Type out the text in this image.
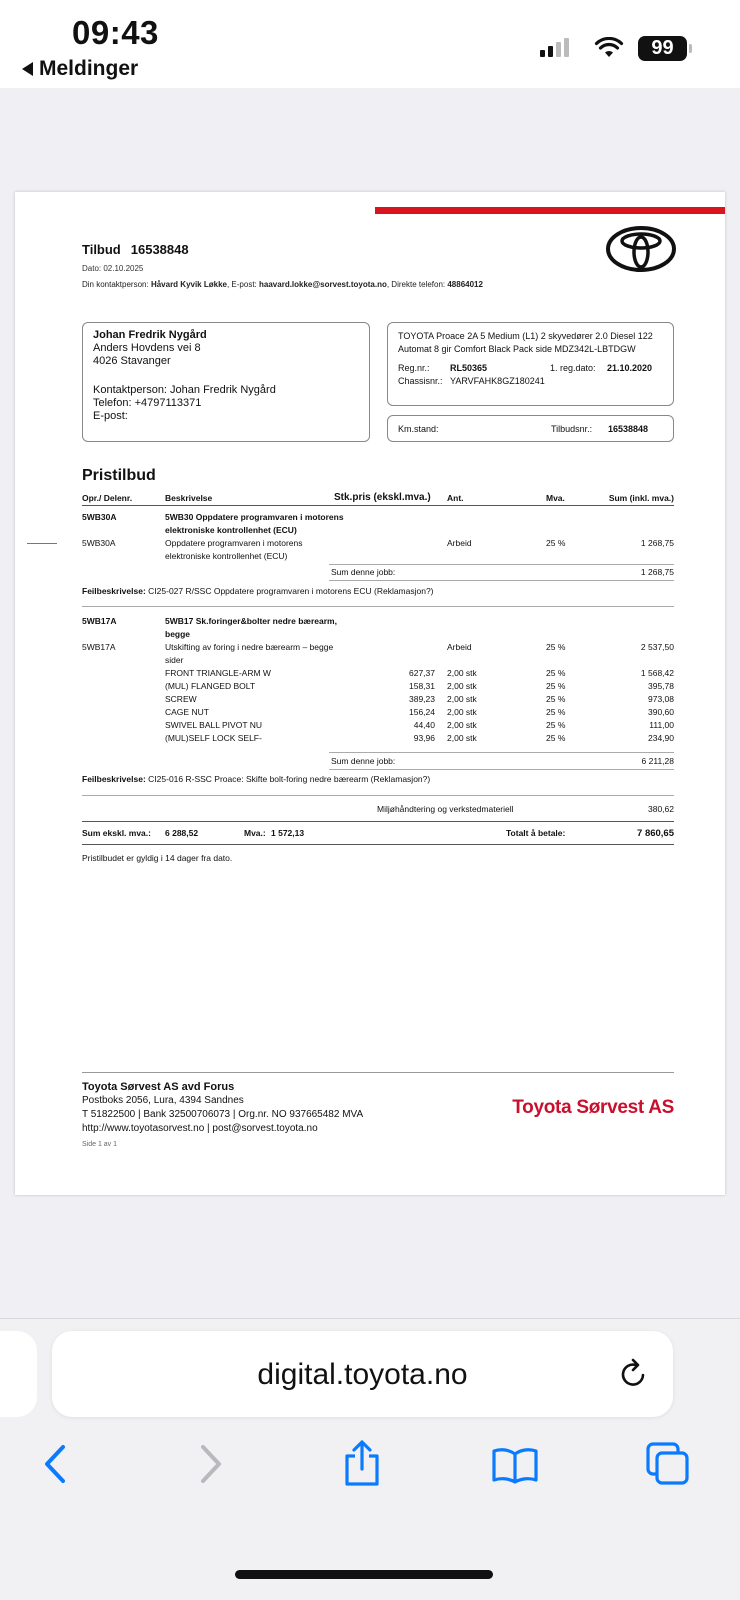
09:43
Meldinger
99
Tilbud 16538848
Dato: 02.10.2025
Din kontaktperson: Håvard Kyvik Løkke, E-post: haavard.lokke@sorvest.toyota.no, Direkte telefon: 48864012
Johan Fredrik Nygård
Anders Hovdens vei 8
4026 Stavanger
Kontaktperson: Johan Fredrik Nygård
Telefon: +4797113371
E-post:
TOYOTA Proace 2A 5 Medium (L1) 2 skyvedører 2.0 Diesel 122 Automat 8 gir Comfort Black Pack side MDZ342L-LBTDGW
Reg.nr.:	RL50365	1. reg.dato:	21.10.2020
Chassisnr.: YARVFAHK8GZ180241
Km.stand:	Tilbudsnr.:	16538848
Pristilbud
Opr./ Delenr.	Beskrivelse	Stk.pris (ekskl.mva.) Ant.	Mva.	Sum (inkl. mva.)
5WB30A	5WB30 Oppdatere programvaren i motorens
elektroniske kontrollenhet (ECU)
5WB30A	Oppdatere programvaren i motorens	Arbeid	25 %	1 268,75
elektroniske kontrollenhet (ECU)
Sum denne jobb:	1 268,75
Feilbeskrivelse: CI25-027 R/SSC Oppdatere programvaren i motorens ECU (Reklamasjon?)
5WB17A	5WB17 Sk.foringer&bolter nedre bærearm,
begge
5WB17A	Utskifting av foring i nedre bærearm – begge	Arbeid	25 %	2 537,50
sider
FRONT TRIANGLE-ARM W	627,37 2,00 stk	25 %	1 568,42
(MUL) FLANGED BOLT	158,31 2,00 stk	25 %	395,78
SCREW	389,23 2,00 stk	25 %	973,08
CAGE NUT	156,24 2,00 stk	25 %	390,60
SWIVEL BALL PIVOT NU	44,40 2,00 stk	25 %	111,00
(MUL)SELF LOCK SELF-	93,96 2,00 stk	25 %	234,90
Sum denne jobb:	6 211,28
Feilbeskrivelse: CI25-016 R-SSC Proace: Skifte bolt-foring nedre bærearm (Reklamasjon?)
Miljøhåndtering og verkstedmateriell	380,62
Sum ekskl. mva.: 6 288,52	Mva.: 1 572,13	Totalt å betale:	7 860,65
Pristilbudet er gyldig i 14 dager fra dato.
Toyota Sørvest AS avd Forus
Postboks 2056, Lura, 4394 Sandnes
T 51822500 | Bank 32500706073 | Org.nr. NO 937665482 MVA
http://www.toyotasorvest.no | post@sorvest.toyota.no
Side 1 av 1
Toyota Sørvest AS
digital.toyota.no
